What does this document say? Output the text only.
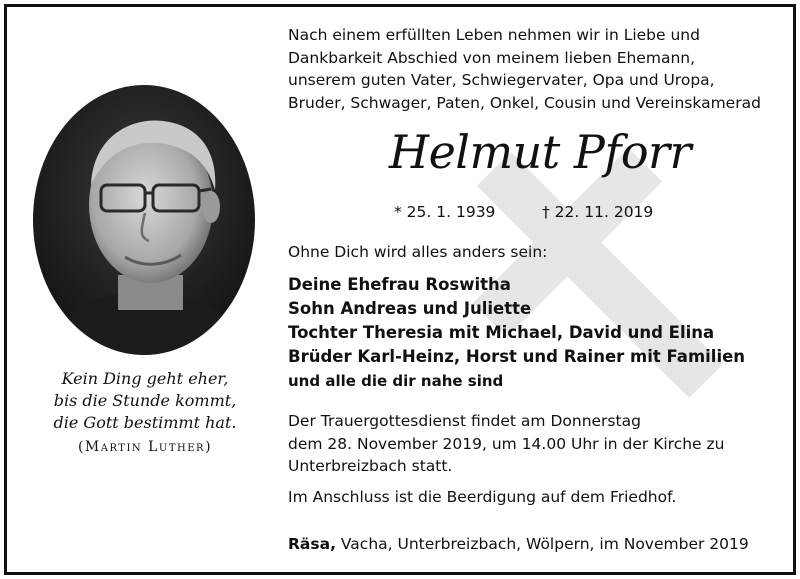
Kein Ding geht eher,
bis die Stunde kommt,
die Gott bestimmt hat.
(Martin Luther)
Nach einem erfüllten Leben nehmen wir in Liebe und
Dankbarkeit Abschied von meinem lieben Ehemann,
unserem guten Vater, Schwiegervater, Opa und Uropa,
Bruder, Schwager, Paten, Onkel, Cousin und Vereinskamerad
Helmut Pforr
* 25. 1. 1939	† 22. 11. 2019
Ohne Dich wird alles anders sein:
Deine Ehefrau Roswitha
Sohn Andreas und Juliette
Tochter Theresia mit Michael, David und Elina
Brüder Karl-Heinz, Horst und Rainer mit Familien
und alle die dir nahe sind
Der Trauergottesdienst findet am Donnerstag
dem 28. November 2019, um 14.00 Uhr in der Kirche zu
Unterbreizbach statt.
Im Anschluss ist die Beerdigung auf dem Friedhof.
Räsa, Vacha, Unterbreizbach, Wölpern, im November 2019
